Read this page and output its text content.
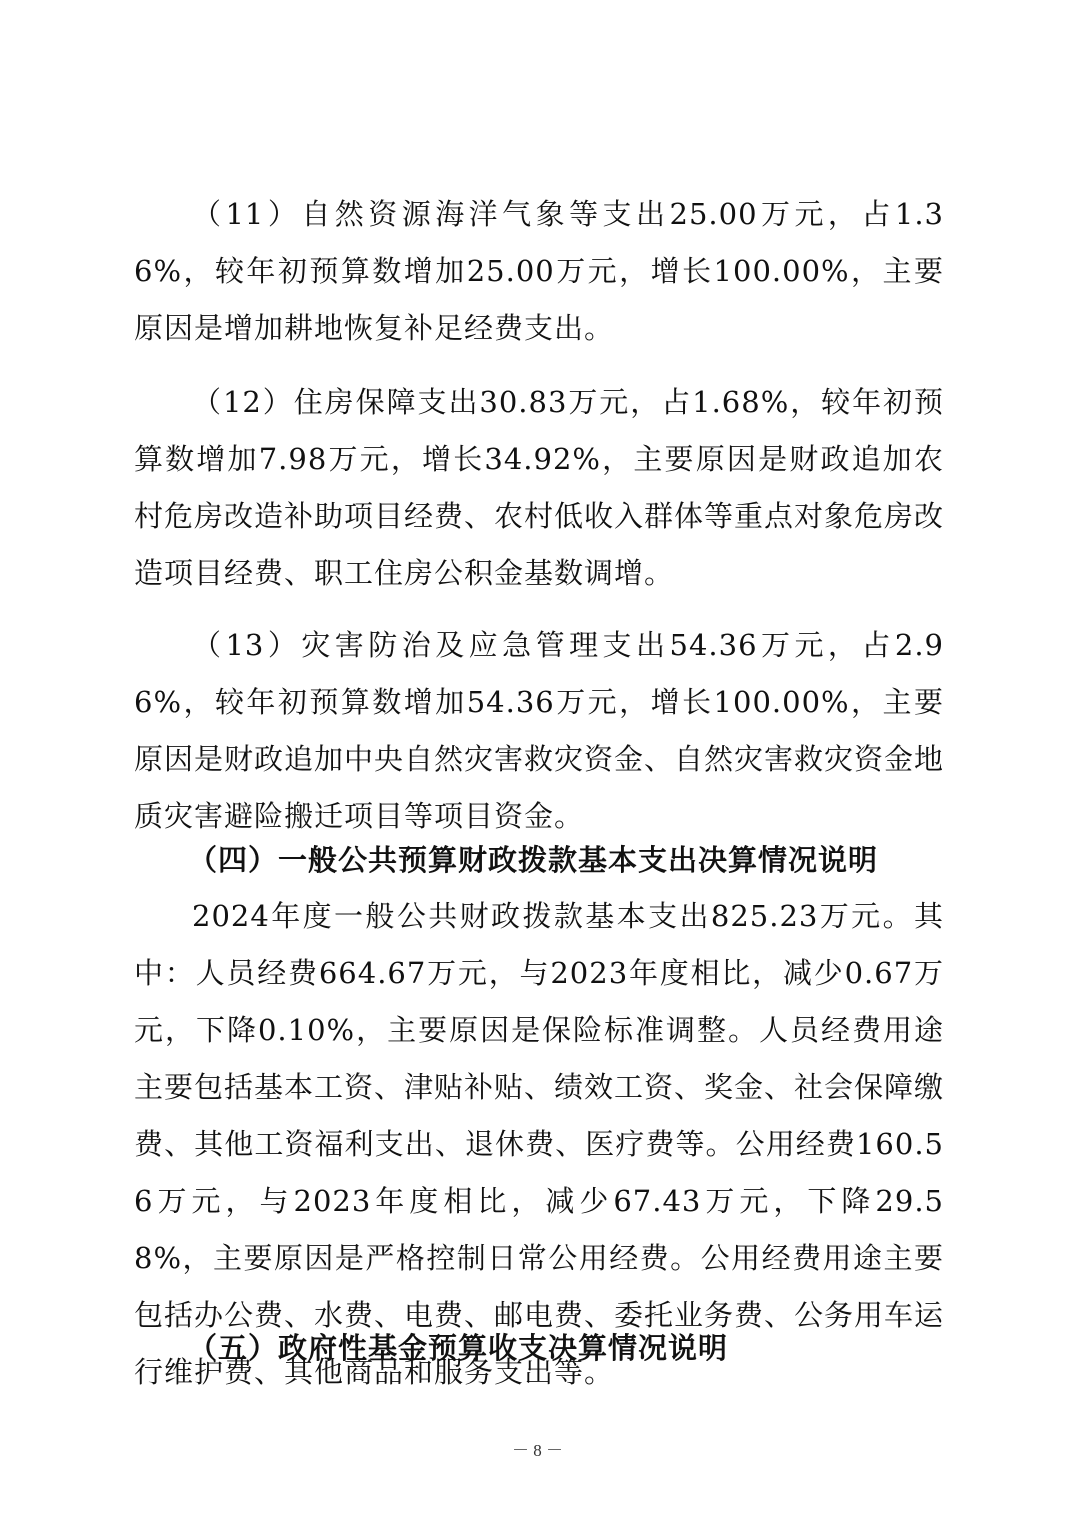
（11）自然资源海洋气象等支出25.00万元，占1.36%，较年初预算数增加25.00万元，增长100.00%，主要原因是增加耕地恢复补足经费支出。

（12）住房保障支出30.83万元，占1.68%，较年初预算数增加7.98万元，增长34.92%，主要原因是财政追加农村危房改造补助项目经费、农村低收入群体等重点对象危房改造项目经费、职工住房公积金基数调增。

（13）灾害防治及应急管理支出54.36万元，占2.96%，较年初预算数增加54.36万元，增长100.00%，主要原因是财政追加中央自然灾害救灾资金、自然灾害救灾资金地质灾害避险搬迁项目等项目资金。

（四）一般公共预算财政拨款基本支出决算情况说明

2024年度一般公共财政拨款基本支出825.23万元。其中：人员经费664.67万元，与2023年度相比，减少0.67万元，下降0.10%，主要原因是保险标准调整。人员经费用途主要包括基本工资、津贴补贴、绩效工资、奖金、社会保障缴费、其他工资福利支出、退休费、医疗费等。公用经费160.56万元，与2023年度相比，减少67.43万元，下降29.58%，主要原因是严格控制日常公用经费。公用经费用途主要包括办公费、水费、电费、邮电费、委托业务费、公务用车运行维护费、其他商品和服务支出等。

（五）政府性基金预算收支决算情况说明
－ 8 －
